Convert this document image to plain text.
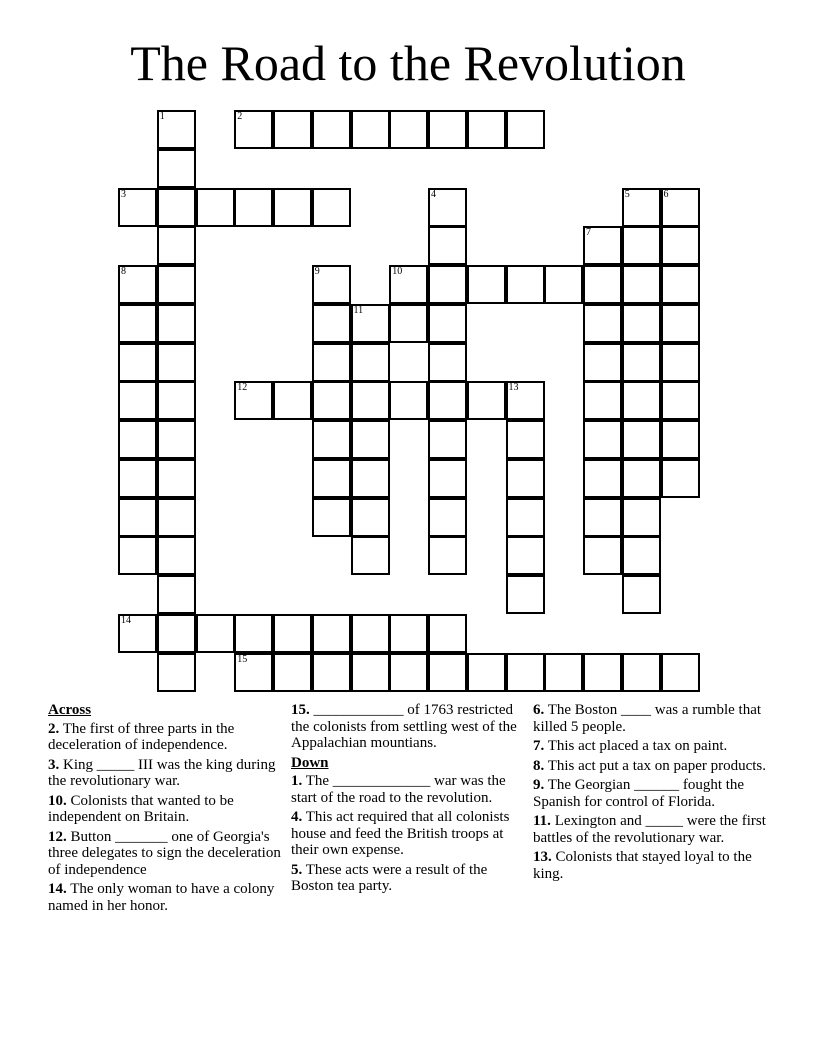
The Road to the Revolution
1	2
3	4	5	6
7
8	9	10
11
12	13
14
15
Across
2. The first of three parts in the deceleration of independence.
3. King _____ III was the king during the revolutionary war.
10. Colonists that wanted to be independent on Britain.
12. Button _______ one of Georgia's three delegates to sign the deceleration of independence
14. The only woman to have a colony named in her honor.
15. ____________ of 1763 restricted the colonists from settling west of the Appalachian mountians.
Down
1. The _____________ war was the start of the road to the revolution.
4. This act required that all colonists house and feed the British troops at their own expense.
5. These acts were a result of the Boston tea party.
6. The Boston ____ was a rumble that killed 5 people.
7. This act placed a tax on paint.
8. This act put a tax on paper products.
9. The Georgian ______ fought the Spanish for control of Florida.
11. Lexington and _____ were the first battles of the revolutionary war.
13. Colonists that stayed loyal to the king.
